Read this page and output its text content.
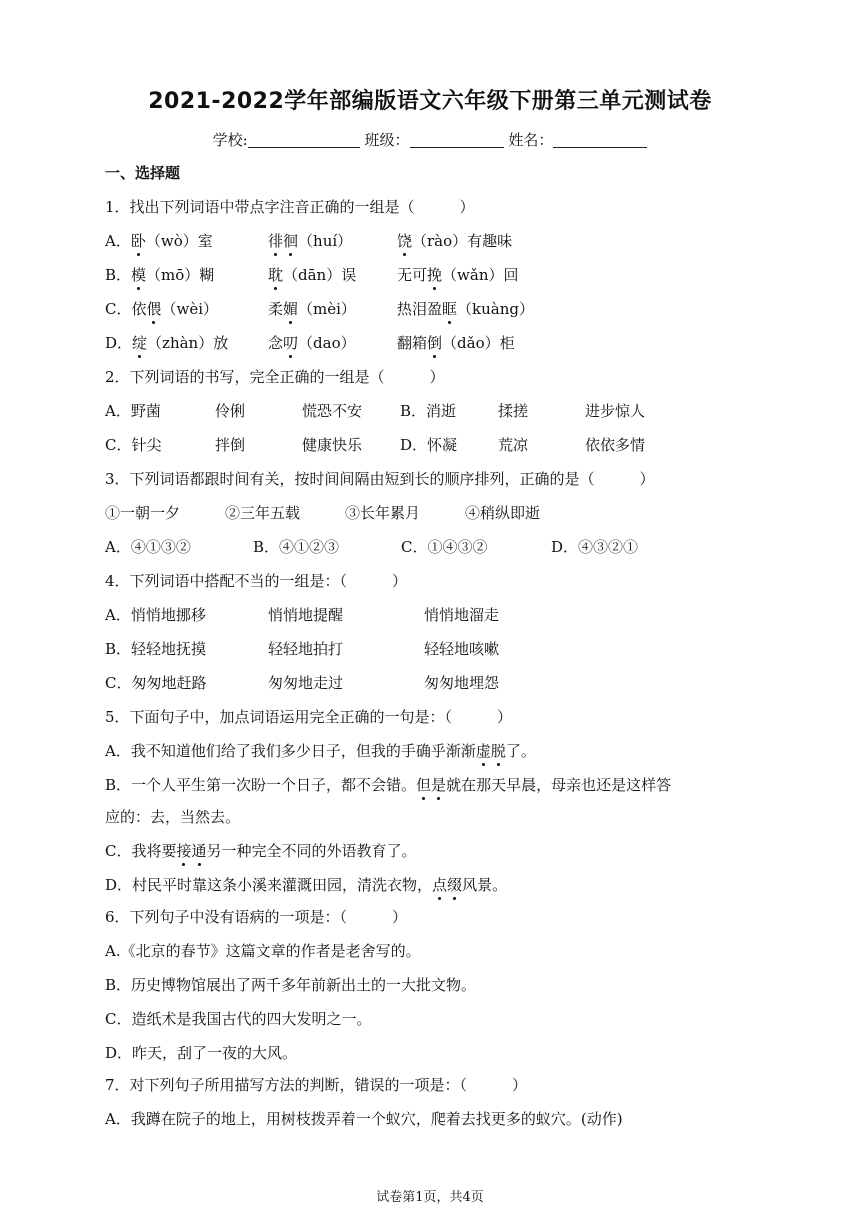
2021-2022学年部编版语文六年级下册第三单元测试卷
学校:	班级：	姓名：
一、选择题
1．找出下列词语中带点字注音正确的一组是（　　　）
A．卧（wò）室	徘徊（huí）	饶（rào）有趣味
B．模（mō）糊	耽（dān）误	无可挽（wǎn）回
C．依偎（wèi）	柔媚（mèi）	热泪盈眶（kuàng）
D．绽（zhàn）放	念叨（dao）	翻箱倒（dǎo）柜
2．下列词语的书写，完全正确的一组是（　　　）
A．野菌	伶俐	慌恐不安	B．消逝	揉搓	进步惊人
C．针尖	拌倒	健康快乐	D．怀凝	荒凉	依依多情
3．下列词语都跟时间有关，按时间间隔由短到长的顺序排列，正确的是（　　　）
①一朝一夕	②三年五载	③长年累月	④稍纵即逝
A．④①③②	B．④①②③	C．①④③②	D．④③②①
4．下列词语中搭配不当的一组是：（　　　）
A．悄悄地挪移	悄悄地提醒	悄悄地溜走
B．轻轻地抚摸	轻轻地拍打	轻轻地咳嗽
C．匆匆地赶路	匆匆地走过	匆匆地埋怨
5．下面句子中，加点词语运用完全正确的一句是：（　　　）
A．我不知道他们给了我们多少日子，但我的手确乎渐渐虚脱了。
B．一个人平生第一次盼一个日子，都不会错。但是就在那天早晨，母亲也还是这样答
应的：去，当然去。
C．我将要接通另一种完全不同的外语教育了。
D．村民平时靠这条小溪来灌溉田园，清洗衣物，点缀风景。
6．下列句子中没有语病的一项是：（　　　）
A.《北京的春节》这篇文章的作者是老舍写的。
B．历史博物馆展出了两千多年前新出土的一大批文物。
C．造纸术是我国古代的四大发明之一。
D．昨天，刮了一夜的大风。
7．对下列句子所用描写方法的判断，错误的一项是：（　　　）
A．我蹲在院子的地上，用树枝拨弄着一个蚁穴，爬着去找更多的蚁穴。(动作)
试卷第1页，共4页
